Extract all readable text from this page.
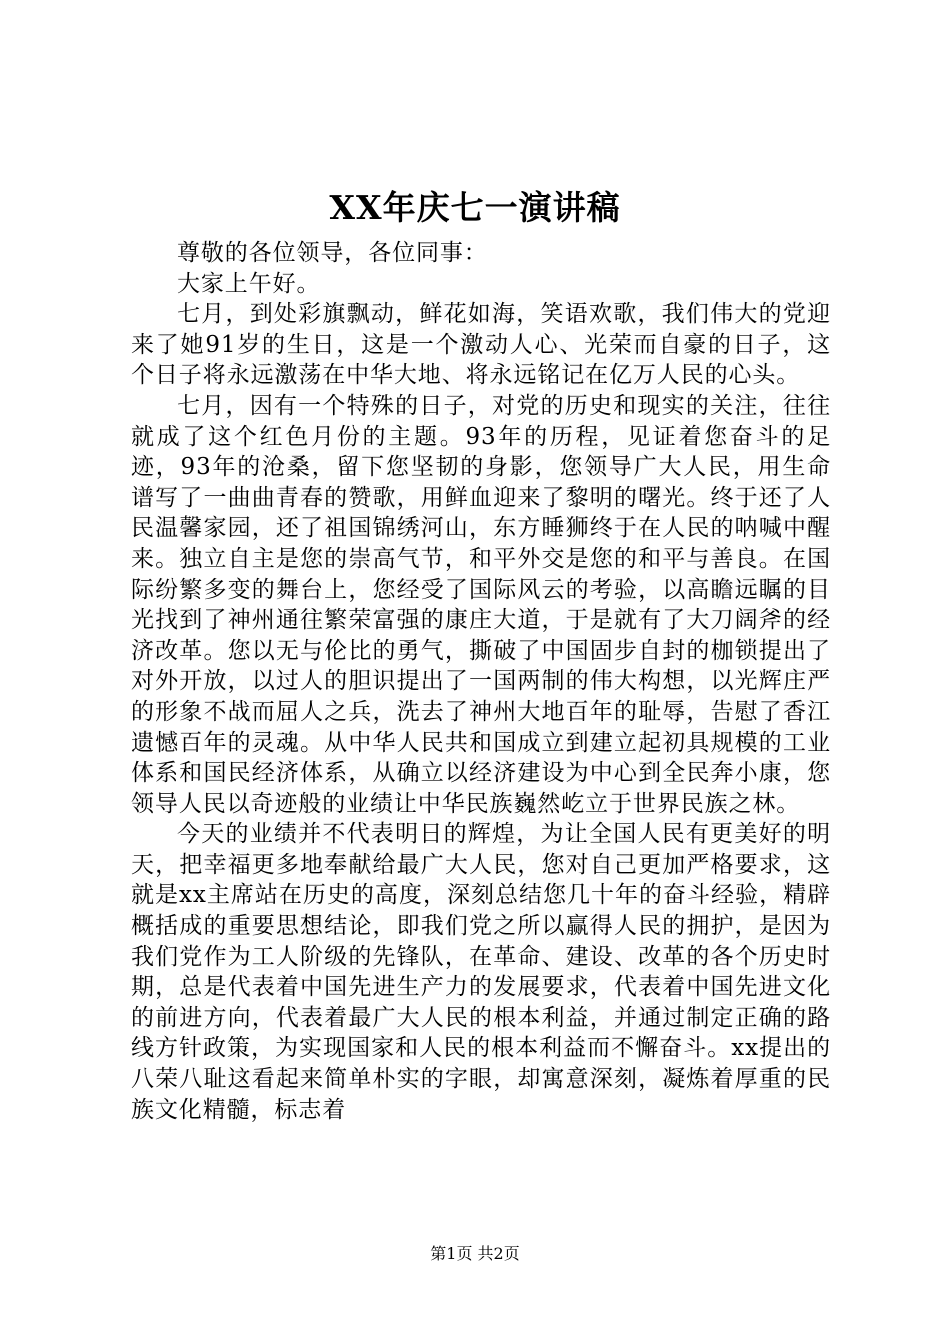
XX年庆七一演讲稿

尊敬的各位领导，各位同事：

大家上午好。

七月，到处彩旗飘动，鲜花如海，笑语欢歌，我们伟大的党迎来了她91岁的生日，这是一个激动人心、光荣而自豪的日子，这个日子将永远激荡在中华大地、将永远铭记在亿万人民的心头。

七月，因有一个特殊的日子，对党的历史和现实的关注，往往就成了这个红色月份的主题。93年的历程，见证着您奋斗的足迹，93年的沧桑，留下您坚韧的身影，您领导广大人民，用生命谱写了一曲曲青春的赞歌，用鲜血迎来了黎明的曙光。终于还了人民温馨家园，还了祖国锦绣河山，东方睡狮终于在人民的呐喊中醒来。独立自主是您的崇高气节，和平外交是您的和平与善良。在国际纷繁多变的舞台上，您经受了国际风云的考验，以高瞻远瞩的目光找到了神州通往繁荣富强的康庄大道，于是就有了大刀阔斧的经济改革。您以无与伦比的勇气，撕破了中国固步自封的枷锁提出了对外开放，以过人的胆识提出了一国两制的伟大构想，以光辉庄严的形象不战而屈人之兵，洗去了神州大地百年的耻辱，告慰了香江遗憾百年的灵魂。从中华人民共和国成立到建立起初具规模的工业体系和国民经济体系，从确立以经济建设为中心到全民奔小康，您领导人民以奇迹般的业绩让中华民族巍然屹立于世界民族之林。

今天的业绩并不代表明日的辉煌，为让全国人民有更美好的明天，把幸福更多地奉献给最广大人民，您对自己更加严格要求，这就是xx主席站在历史的高度，深刻总结您几十年的奋斗经验，精辟概括成的重要思想结论，即我们党之所以赢得人民的拥护，是因为我们党作为工人阶级的先锋队，在革命、建设、改革的各个历史时期，总是代表着中国先进生产力的发展要求，代表着中国先进文化的前进方向，代表着最广大人民的根本利益，并通过制定正确的路线方针政策，为实现国家和人民的根本利益而不懈奋斗。xx提出的八荣八耻这看起来简单朴实的字眼，却寓意深刻，凝炼着厚重的民族文化精髓，标志着

第1页 共2页
